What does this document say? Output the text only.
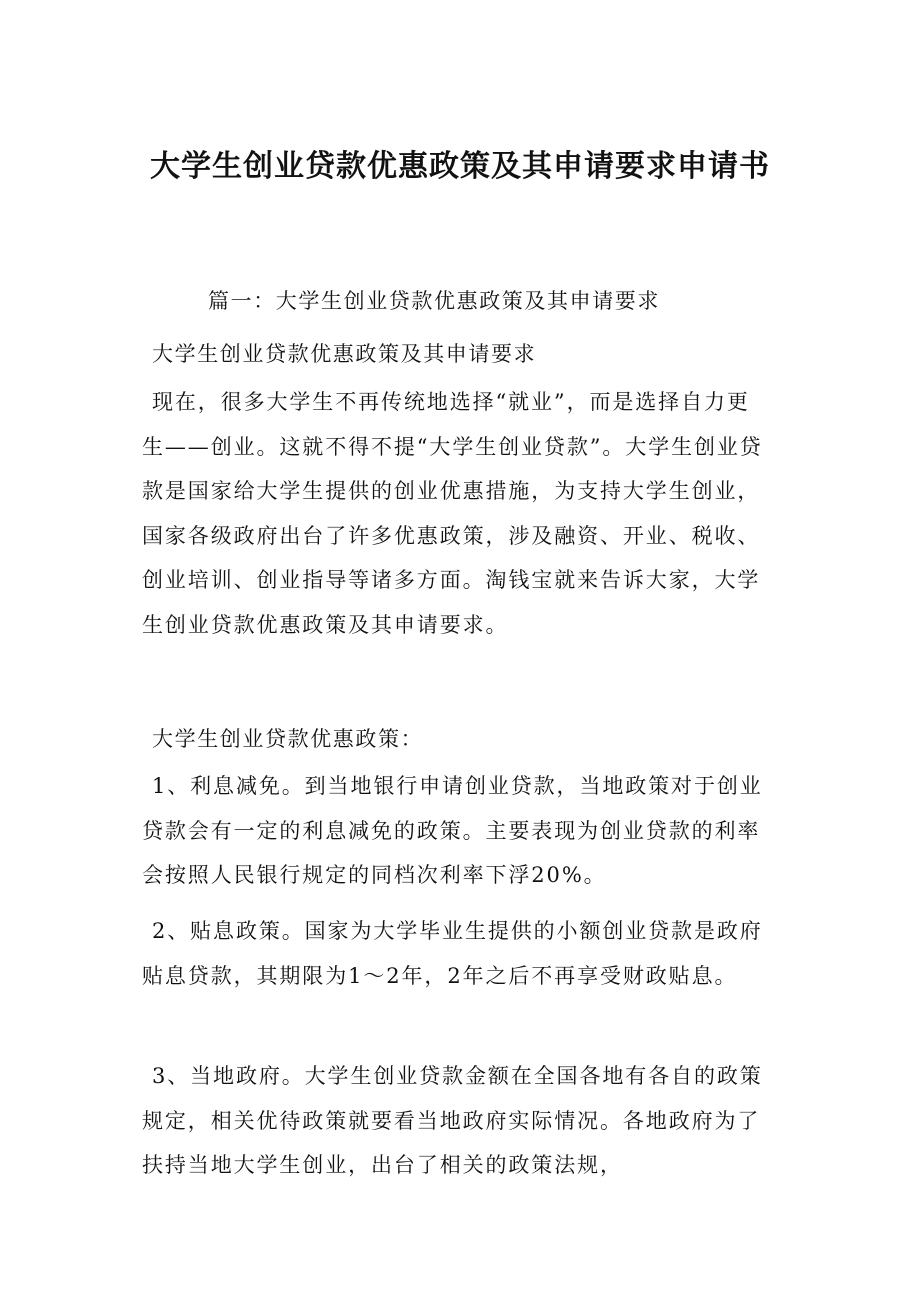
大学生创业贷款优惠政策及其申请要求申请书

篇一：大学生创业贷款优惠政策及其申请要求

大学生创业贷款优惠政策及其申请要求

现在，很多大学生不再传统地选择“就业”，而是选择自力更生——创业。这就不得不提“大学生创业贷款”。大学生创业贷款是国家给大学生提供的创业优惠措施，为支持大学生创业，国家各级政府出台了许多优惠政策，涉及融资、开业、税收、创业培训、创业指导等诸多方面。淘钱宝就来告诉大家，大学生创业贷款优惠政策及其申请要求。

大学生创业贷款优惠政策：

1、利息减免。到当地银行申请创业贷款，当地政策对于创业贷款会有一定的利息减免的政策。主要表现为创业贷款的利率会按照人民银行规定的同档次利率下浮20%。

2、贴息政策。国家为大学毕业生提供的小额创业贷款是政府贴息贷款，其期限为1～2年，2年之后不再享受财政贴息。

3、当地政府。大学生创业贷款金额在全国各地有各自的政策规定，相关优待政策就要看当地政府实际情况。各地政府为了扶持当地大学生创业，出台了相关的政策法规，
